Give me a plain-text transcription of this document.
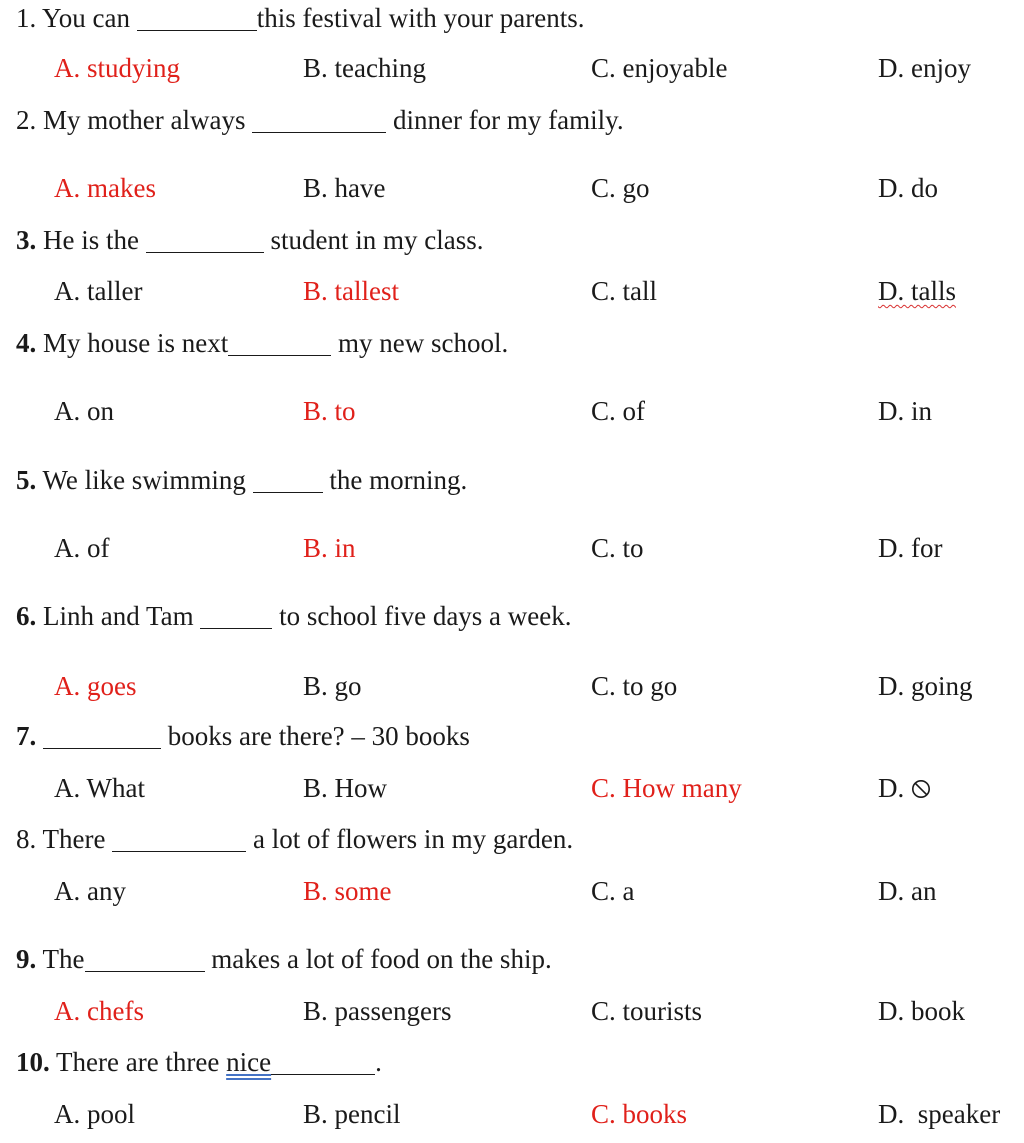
1. You can	this festival with your parents.
A. studying	B. teaching	C. enjoyable	D. enjoy
2. My mother always	dinner for my family.
A. makes	B. have	C. go	D. do
3. He is the	student in my class.
A. taller	B. tallest	C. tall	D. talls
4. My house is next	my new school.
A. on	B. to	C. of	D. in
5. We like swimming	the morning.
A. of	B. in	C. to	D. for
6. Linh and Tam	to school five days a week.
A. goes	B. go	C. to go	D. going
7.	books are there? – 30 books
A. What	B. How	C. How many	D.
8. There	a lot of flowers in my garden.
A. any	B. some	C. a	D. an
9. The	makes a lot of food on the ship.
A. chefs	B. passengers	C. tourists	D. book
10. There are three nice	.
A. pool	B. pencil	C. books	D.  speaker
